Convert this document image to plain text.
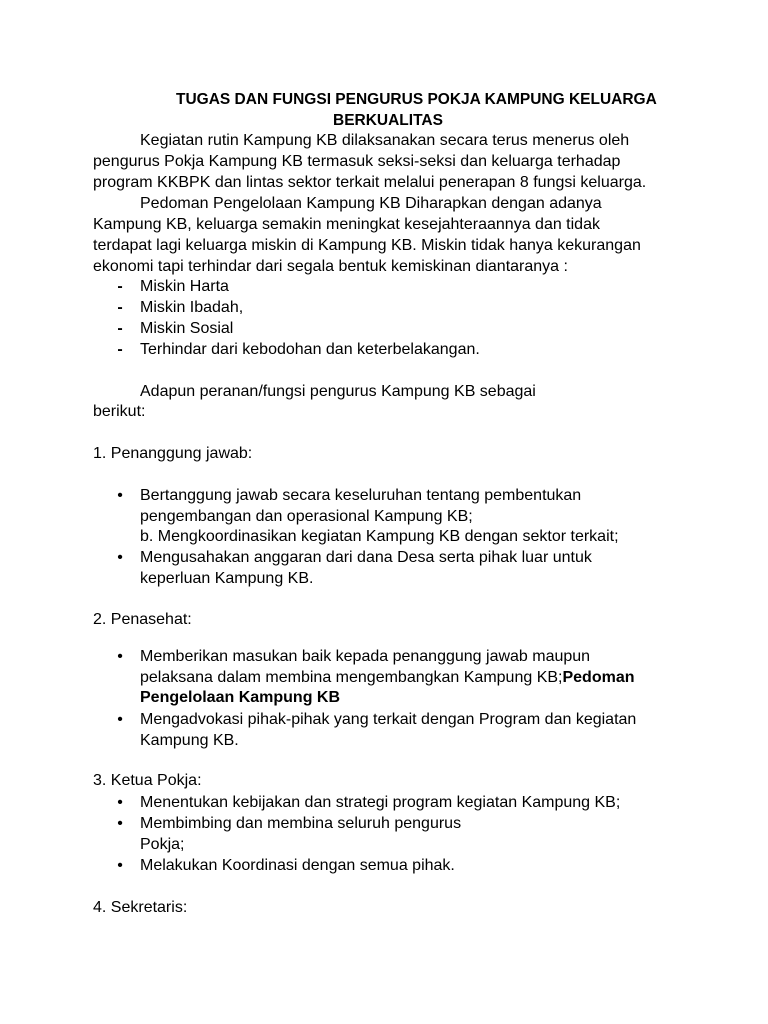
TUGAS DAN FUNGSI PENGURUS POKJA KAMPUNG KELUARGA
BERKUALITAS
Kegiatan rutin Kampung KB dilaksanakan secara terus menerus oleh
pengurus Pokja Kampung KB termasuk seksi-seksi dan keluarga terhadap
program KKBPK dan lintas sektor terkait melalui penerapan 8 fungsi keluarga.
Pedoman Pengelolaan Kampung KB Diharapkan dengan adanya
Kampung KB, keluarga semakin meningkat kesejahteraannya dan tidak
terdapat lagi keluarga miskin di Kampung KB. Miskin tidak hanya kekurangan
ekonomi tapi terhindar dari segala bentuk kemiskinan diantaranya :
- Miskin Harta
- Miskin Ibadah,
- Miskin Sosial
- Terhindar dari kebodohan dan keterbelakangan.
Adapun peranan/fungsi pengurus Kampung KB sebagai
berikut:
1. Penanggung jawab:
• Bertanggung jawab secara keseluruhan tentang pembentukan
pengembangan dan operasional Kampung KB;
b. Mengkoordinasikan kegiatan Kampung KB dengan sektor terkait;
• Mengusahakan anggaran dari dana Desa serta pihak luar untuk
keperluan Kampung KB.
2. Penasehat:
• Memberikan masukan baik kepada penanggung jawab maupun
pelaksana dalam membina mengembangkan Kampung KB;Pedoman
Pengelolaan Kampung KB
• Mengadvokasi pihak-pihak yang terkait dengan Program dan kegiatan
Kampung KB.
3. Ketua Pokja:
• Menentukan kebijakan dan strategi program kegiatan Kampung KB;
• Membimbing dan membina seluruh pengurus
Pokja;
• Melakukan Koordinasi dengan semua pihak.
4. Sekretaris:
